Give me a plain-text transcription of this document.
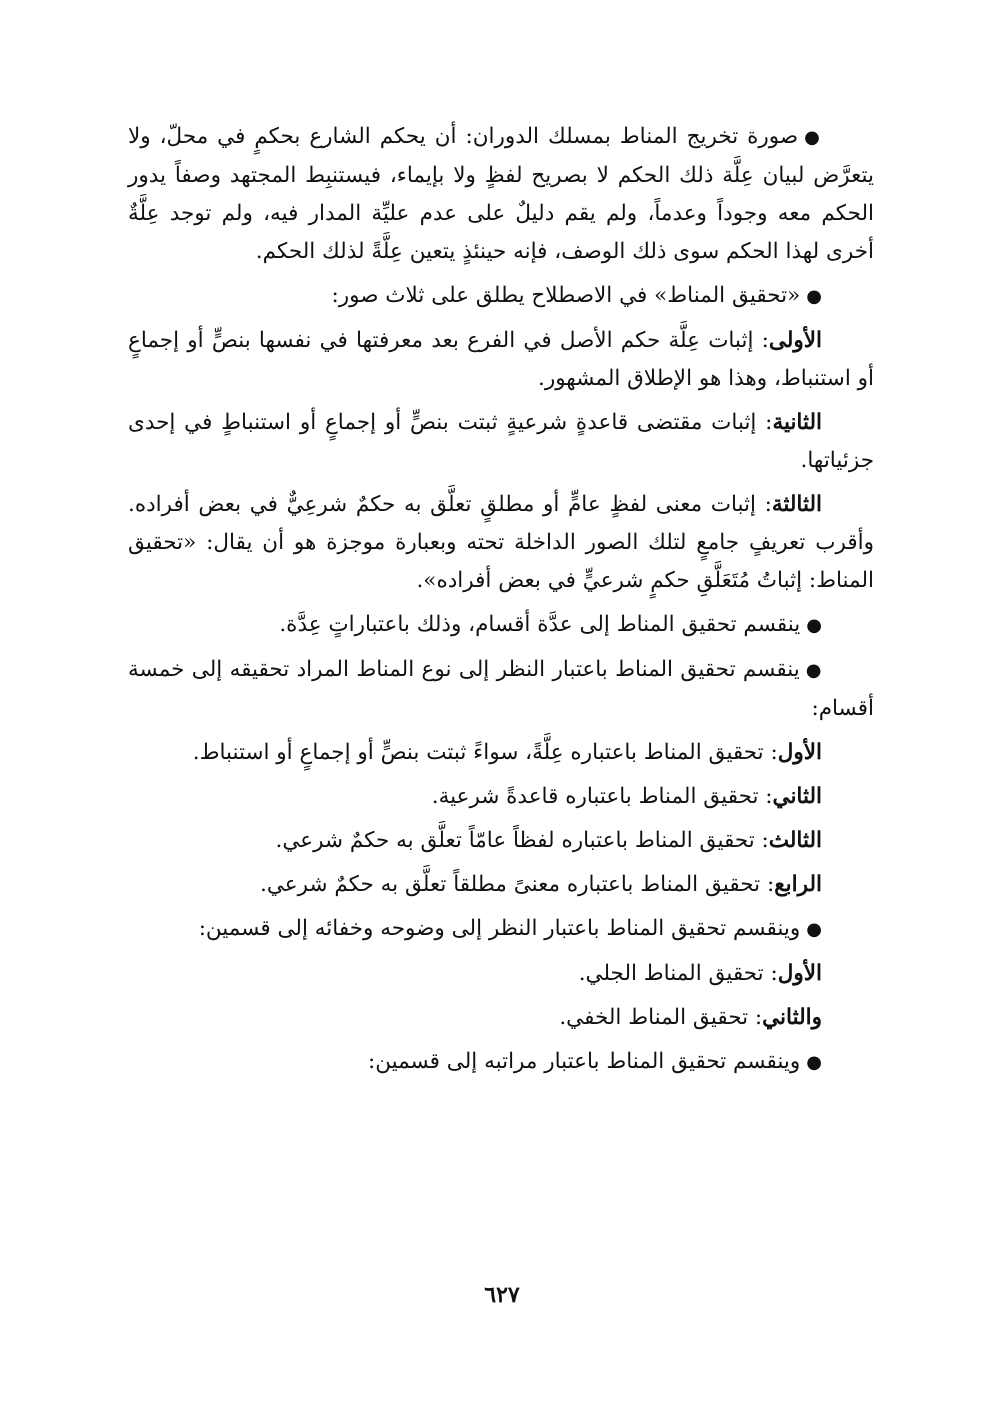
●صورة تخريج المناط بمسلك الدوران: أن يحكم الشارع بحكمٍ في محلّ، ولا يتعرَّض لبيان عِلَّة ذلك الحكم لا بصريح لفظٍ ولا بإيماء، فيستنبِط المجتهد وصفاً يدور الحكم معه وجوداً وعدماً، ولم يقم دليلٌ على عدم عليِّة المدار فيه، ولم توجد عِلَّةٌ أخرى لهذا الحكم سوى ذلك الوصف، فإنه حينئذٍ يتعين عِلَّةً لذلك الحكم.

●«تحقيق المناط» في الاصطلاح يطلق على ثلاث صور:

الأولى: إثبات عِلَّة حكم الأصل في الفرع بعد معرفتها في نفسها بنصٍّ أو إجماعٍ أو استنباط، وهذا هو الإطلاق المشهور.

الثانية: إثبات مقتضى قاعدةٍ شرعيةٍ ثبتت بنصٍّ أو إجماعٍ أو استنباطٍ في إحدى جزئياتها.

الثالثة: إثبات معنى لفظٍ عامٍّ أو مطلقٍ تعلَّق به حكمٌ شرعِيٌّ في بعض أفراده. وأقرب تعريفٍ جامعٍ لتلك الصور الداخلة تحته وبعبارة موجزة هو أن يقال: «تحقيق المناط: إثباتُ مُتَعَلَّقِ حكمٍ شرعيٍّ في بعض أفراده».

●ينقسم تحقيق المناط إلى عدَّة أقسام، وذلك باعتباراتٍ عِدَّة.

●ينقسم تحقيق المناط باعتبار النظر إلى نوع المناط المراد تحقيقه إلى خمسة أقسام:

الأول: تحقيق المناط باعتباره عِلَّةً، سواءً ثبتت بنصٍّ أو إجماعٍ أو استنباط.

الثاني: تحقيق المناط باعتباره قاعدةً شرعية.

الثالث: تحقيق المناط باعتباره لفظاً عامّاً تعلَّق به حكمٌ شرعي.

الرابع: تحقيق المناط باعتباره معنىً مطلقاً تعلَّق به حكمٌ شرعي.

●وينقسم تحقيق المناط باعتبار النظر إلى وضوحه وخفائه إلى قسمين:

الأول: تحقيق المناط الجلي.

والثاني: تحقيق المناط الخفي.

●وينقسم تحقيق المناط باعتبار مراتبه إلى قسمين:

٦٢٧
